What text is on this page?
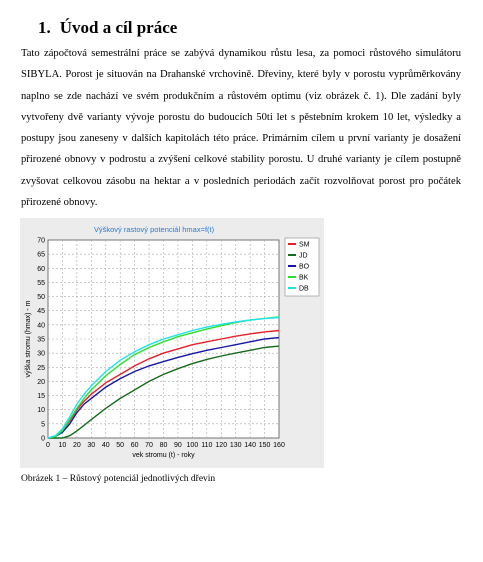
1. Úvod a cíl práce

Tato zápočtová semestrální práce se zabývá dynamikou růstu lesa, za pomoci růstového simulátoru SIBYLA. Porost je situován na Drahanské vrchovině. Dřeviny, které byly v porostu vyprůměrkovány naplno se zde nachází ve svém produkčním a růstovém optimu (viz obrázek č. 1). Dle zadání byly vytvořeny dvě varianty vývoje porostu do budoucích 50ti let s pěstebním krokem 10 let, výsledky a postupy jsou zaneseny v dalších kapitolách této práce. Primárním cílem u první varianty je dosažení přirozené obnovy v podrostu a zvýšení celkové stability porostu. U druhé varianty je cílem postupně zvyšovat celkovou zásobu na hektar a v posledních periodách začít rozvolňovat porost pro počátek přirozené obnovy.

0
5
10
15
20
25
30
35
40
45
50
55
60
65
70
0 10 20 30 40 50 60 70 80 90 100 110 120 130 140 150 160
Výškový rastový potenciál hmax=f(t)
vek stromu (t) - roky
výška stromu (hmax) - m
SM
JD
BO
BK
DB

Obrázek 1 – Růstový potenciál jednotlivých dřevin
